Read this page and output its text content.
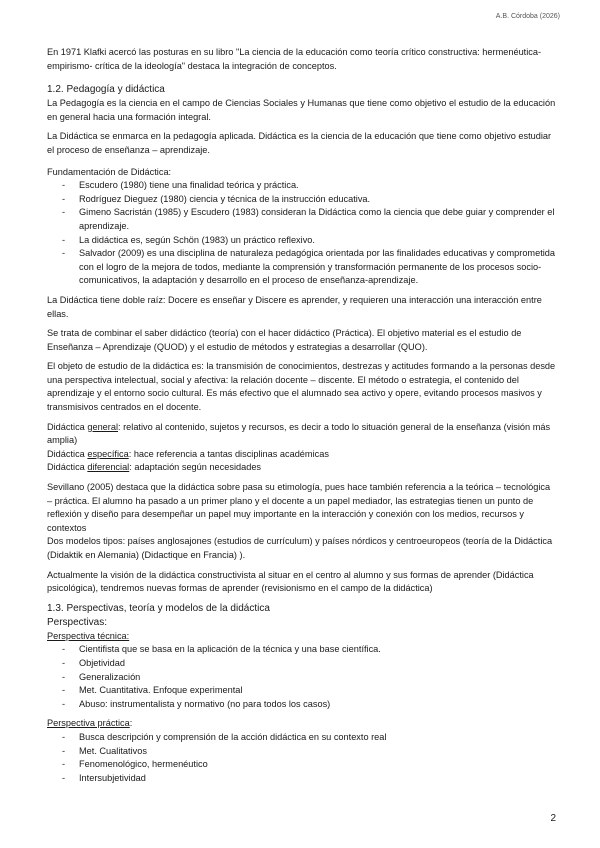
A.B. Córdoba (2026)

En 1971 Klafki acercó las posturas en su libro "La ciencia de la educación como teoría crítico constructiva: hermenéutica- empirismo- crítica de la ideología" destaca la integración de conceptos.

1.2. Pedagogía y didáctica

La Pedagogía es la ciencia en el campo de Ciencias Sociales y Humanas que tiene como objetivo el estudio de la educación en general hacia una formación integral.

La Didáctica se enmarca en la pedagogía aplicada. Didáctica es la ciencia de la educación que tiene como objetivo estudiar el proceso de enseñanza – aprendizaje.

Fundamentación de Didáctica:

- Escudero (1980) tiene una finalidad teórica y práctica.
- Rodríguez Dieguez (1980) ciencia y técnica de la instrucción educativa.
- Gimeno Sacristán (1985) y Escudero (1983) consideran la Didáctica como la ciencia que debe guiar y comprender el aprendizaje.
- La didáctica es, según Schön (1983) un práctico reflexivo.
- Salvador (2009) es una disciplina de naturaleza pedagógica orientada por las finalidades educativas y comprometida con el logro de la mejora de todos, mediante la comprensión y transformación permanente de los procesos socio-comunicativos, la adaptación y desarrollo en el proceso de enseñanza-aprendizaje.

La Didáctica tiene doble raíz: Docere es enseñar y Discere es aprender, y requieren una interacción una interacción entre ellas.

Se trata de combinar el saber didáctico (teoría) con el hacer didáctico (Práctica). El objetivo material es el estudio de Enseñanza – Aprendizaje (QUOD) y el estudio de métodos y estrategias a desarrollar (QUO).

El objeto de estudio de la didáctica es: la transmisión de conocimientos, destrezas y actitudes formando a la personas desde una perspectiva intelectual, social y afectiva: la relación docente – discente. El método o estrategia, el contenido del aprendizaje y el entorno socio cultural. Es más efectivo que el alumnado sea activo y opere, evitando procesos masivos y transmisivos centrados en el docente.

Didáctica general: relativo al contenido, sujetos y recursos, es decir a todo lo situación general de la enseñanza (visión más amplia)
Didáctica específica: hace referencia a tantas disciplinas académicas
Didáctica diferencial: adaptación según necesidades

Sevillano (2005) destaca que la didáctica sobre pasa su etimología, pues hace también referencia a la teórica – tecnológica – práctica. El alumno ha pasado a un primer plano y el docente a un papel mediador, las estrategias tienen un punto de reflexión y diseño para desempeñar un papel muy importante en la interacción y conexión con los medios, recursos y contextos

Dos modelos tipos: países anglosajones (estudios de currículum) y países nórdicos y centroeuropeos (teoría de la Didáctica (Didaktik en Alemania) (Didactique en Francia) ).

Actualmente la visión de la didáctica constructivista al situar en el centro al alumno y sus formas de aprender (Didáctica psicológica), tendremos nuevas formas de aprender (revisionismo en el campo de la didáctica)

1.3. Perspectivas, teoría y modelos de la didáctica
Perspectivas:
Perspectiva técnica:
- Cientifista que se basa en la aplicación de la técnica y una base científica.
- Objetividad
- Generalización
- Met. Cuantitativa. Enfoque experimental
- Abuso: instrumentalista y normativo (no para todos los casos)
Perspectiva práctica:
- Busca descripción y comprensión de la acción didáctica en su contexto real
- Met. Cualitativos
- Fenomenológico, hermenéutico
- Intersubjetividad
2
